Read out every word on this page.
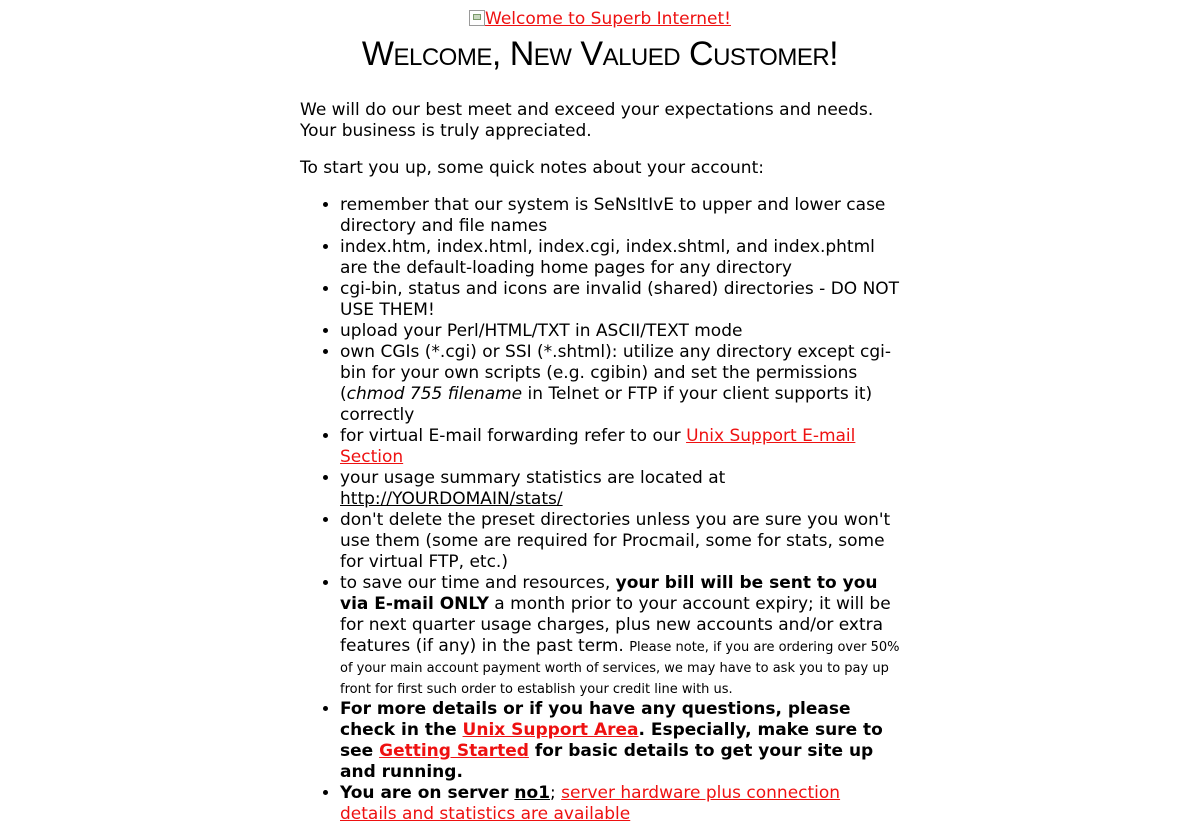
Welcome to Superb Internet!
Welcome, New Valued Customer!

We will do our best meet and exceed your expectations and needs. Your business is truly appreciated.

To start you up, some quick notes about your account:

• remember that our system is SeNsItIvE to upper and lower case directory and file names
• index.htm, index.html, index.cgi, index.shtml, and index.phtml are the default-loading home pages for any directory
• cgi-bin, status and icons are invalid (shared) directories - DO NOT USE THEM!
• upload your Perl/HTML/TXT in ASCII/TEXT mode
• own CGIs (*.cgi) or SSI (*.shtml): utilize any directory except cgi-bin for your own scripts (e.g. cgibin) and set the permissions (chmod 755 filename in Telnet or FTP if your client supports it) correctly
• for virtual E-mail forwarding refer to our Unix Support E-mail Section
• your usage summary statistics are located at http://YOURDOMAIN/stats/
• don't delete the preset directories unless you are sure you won't use them (some are required for Procmail, some for stats, some for virtual FTP, etc.)
• to save our time and resources, your bill will be sent to you via E-mail ONLY a month prior to your account expiry; it will be for next quarter usage charges, plus new accounts and/or extra features (if any) in the past term. Please note, if you are ordering over 50% of your main account payment worth of services, we may have to ask you to pay up front for first such order to establish your credit line with us.
• For more details or if you have any questions, please check in the Unix Support Area. Especially, make sure to see Getting Started for basic details to get your site up and running.
• You are on server no1; server hardware plus connection details and statistics are available
